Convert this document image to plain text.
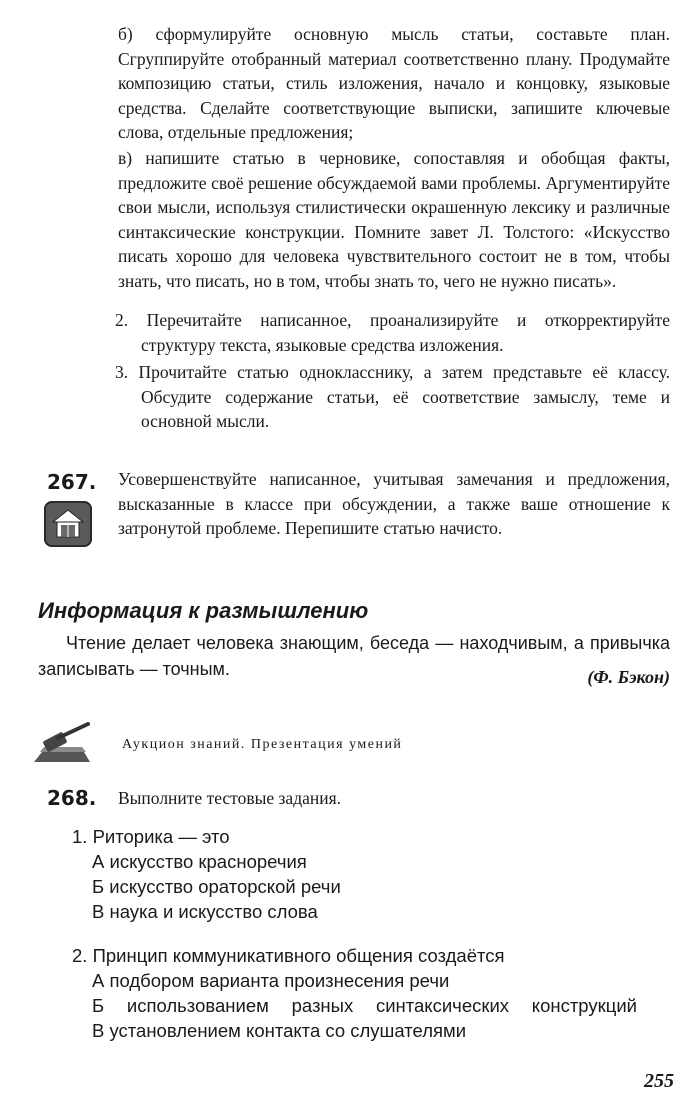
б) сформулируйте основную мысль статьи, составьте план. Сгруппируйте отобранный материал соответственно плану. Продумайте композицию статьи, стиль изложения, начало и концовку, языковые средства. Сделайте соответствующие выписки, запишите ключевые слова, отдельные предложения;

в) напишите статью в черновике, сопоставляя и обобщая факты, предложите своё решение обсуждаемой вами проблемы. Аргументируйте свои мысли, используя стилистически окрашенную лексику и различные синтаксические конструкции. Помните завет Л. Толстого: «Искусство писать хорошо для человека чувствительного состоит не в том, чтобы знать, что писать, но в том, чтобы знать то, чего не нужно писать».

2. Перечитайте написанное, проанализируйте и откорректируйте структуру текста, языковые средства изложения.

3. Прочитайте статью однокласснику, а затем представьте её классу. Обсудите содержание статьи, её соответствие замыслу, теме и основной мысли.

267. Усовершенствуйте написанное, учитывая замечания и предложения, высказанные в классе при обсуждении, а также ваше отношение к затронутой проблеме. Перепишите статью начисто.

Информация к размышлению

Чтение делает человека знающим, беседа — находчивым, а привычка записывать — точным.	(Ф. Бэкон)
Аукцион знаний. Презентация умений
268. Выполните тестовые задания.
1. Риторика — это
А искусство красноречия
Б искусство ораторской речи
В наука и искусство слова
2. Принцип коммуникативного общения создаётся
А подбором варианта произнесения речи
Б использованием разных синтаксических конструкций
В установлением контакта со слушателями
255
